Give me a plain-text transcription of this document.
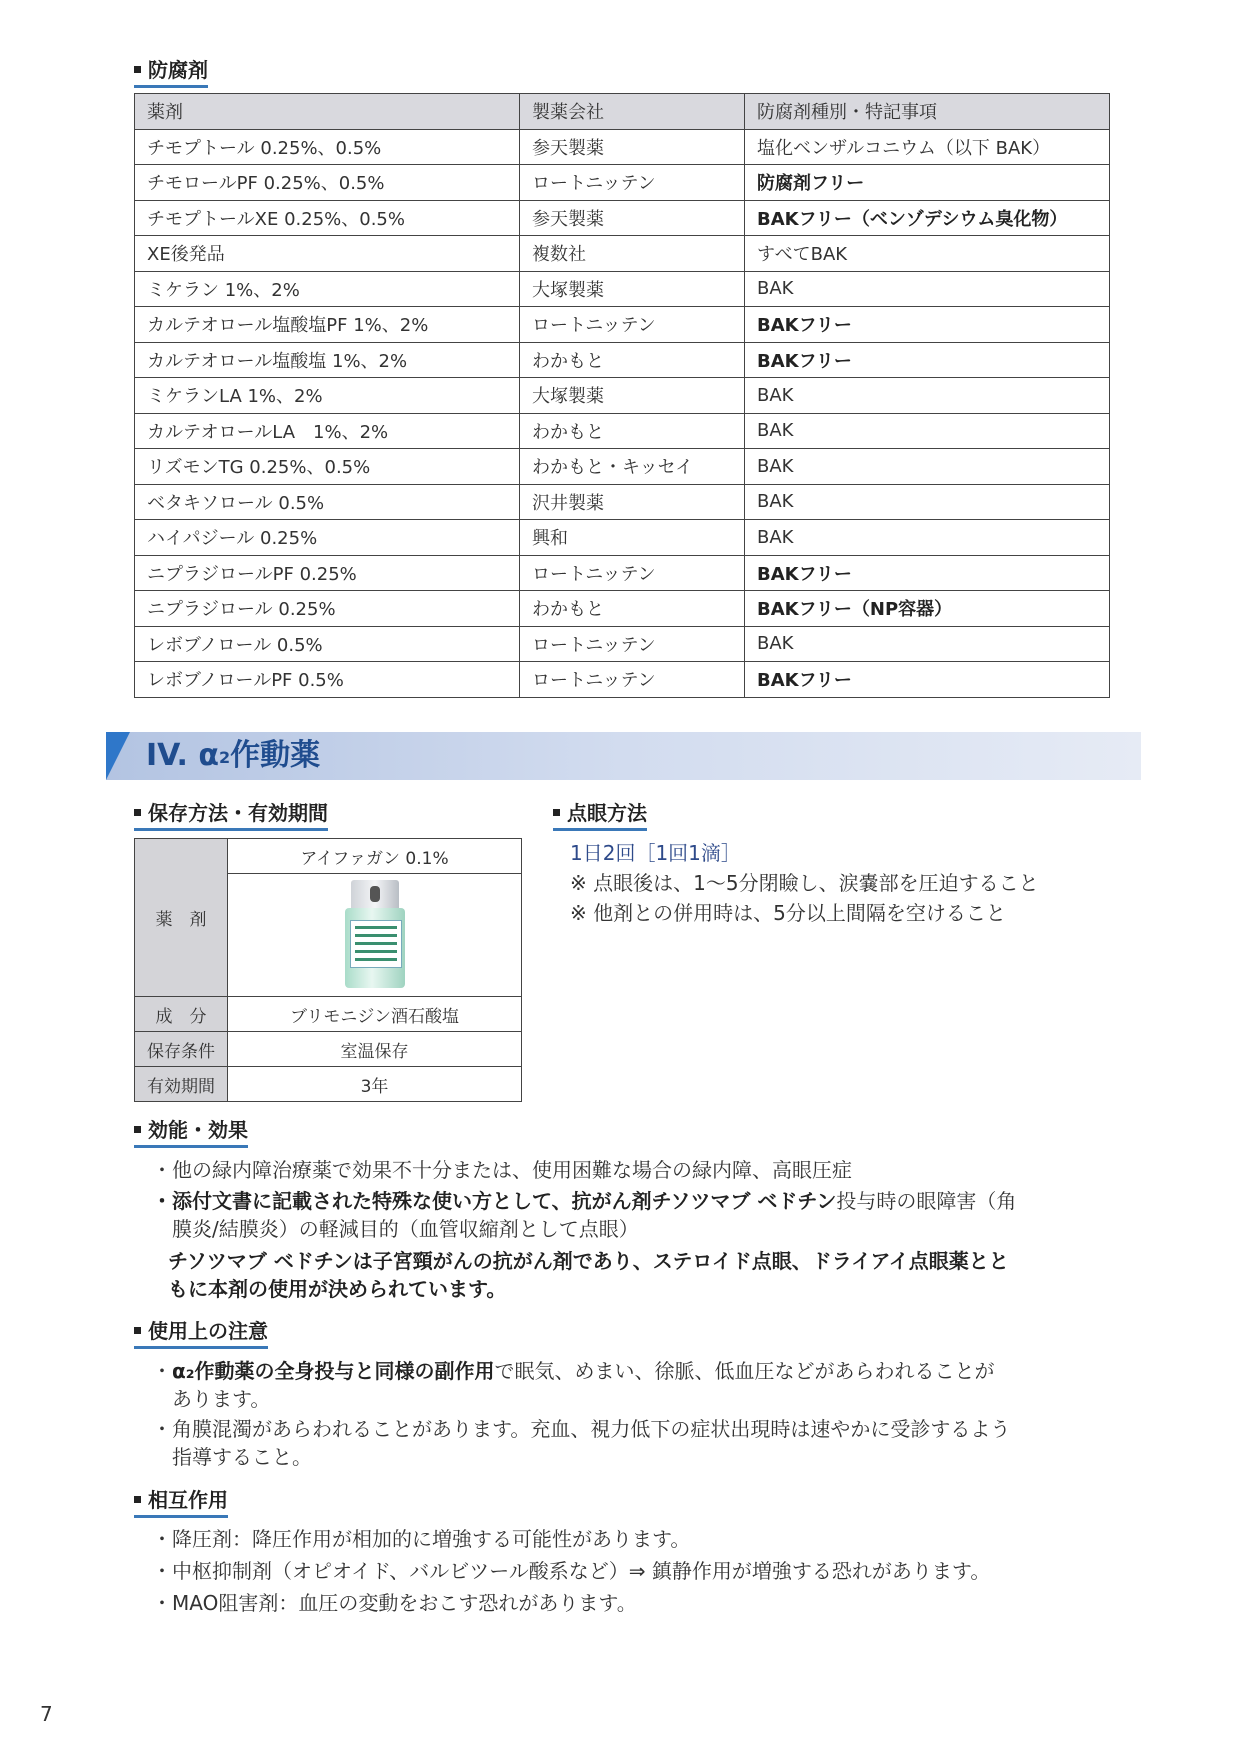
防腐剤
薬剤	製薬会社	防腐剤種別・特記事項
チモプトール 0.25%、0.5%	参天製薬	塩化ベンザルコニウム（以下 BAK）
チモロールPF 0.25%、0.5%	ロートニッテン	防腐剤フリー
チモプトールXE 0.25%、0.5%	参天製薬	BAKフリー（ベンゾデシウム臭化物）
XE後発品	複数社	すべてBAK
ミケラン 1%、2%	大塚製薬	BAK
カルテオロール塩酸塩PF 1%、2%	ロートニッテン	BAKフリー
カルテオロール塩酸塩 1%、2%	わかもと	BAKフリー
ミケランLA 1%、2%	大塚製薬	BAK
カルテオロールLA　1%、2%	わかもと	BAK
リズモンTG 0.25%、0.5%	わかもと・キッセイ	BAK
ベタキソロール 0.5%	沢井製薬	BAK
ハイパジール 0.25%	興和	BAK
ニプラジロールPF 0.25%	ロートニッテン	BAKフリー
ニプラジロール 0.25%	わかもと	BAKフリー（NP容器）
レボブノロール 0.5%	ロートニッテン	BAK
レボブノロールPF 0.5%	ロートニッテン	BAKフリー
IV. α2作動薬
保存方法・有効期間
薬　剤	アイファガン 0.1%

成　分	ブリモニジン酒石酸塩
保存条件	室温保存
有効期間	3年
点眼方法
1日2回［1回1滴］
※ 点眼後は、1～5分閉瞼し、涙嚢部を圧迫すること
※ 他剤との併用時は、5分以上間隔を空けること
効能・効果
・他の緑内障治療薬で効果不十分または、使用困難な場合の緑内障、高眼圧症
・添付文書に記載された特殊な使い方として、抗がん剤チソツマブ ベドチン投与時の眼障害（角
膜炎/結膜炎）の軽減目的（血管収縮剤として点眼）
チソツマブ ベドチンは子宮頸がんの抗がん剤であり、ステロイド点眼、ドライアイ点眼薬とと
もに本剤の使用が決められています。
使用上の注意
・α₂作動薬の全身投与と同様の副作用で眠気、めまい、徐脈、低血圧などがあらわれることが
あります。
・角膜混濁があらわれることがあります。充血、視力低下の症状出現時は速やかに受診するよう
指導すること。
相互作用
・降圧剤：降圧作用が相加的に増強する可能性があります。
・中枢抑制剤（オピオイド、バルビツール酸系など）⇒ 鎮静作用が増強する恐れがあります。
・MAO阻害剤：血圧の変動をおこす恐れがあります。
7
